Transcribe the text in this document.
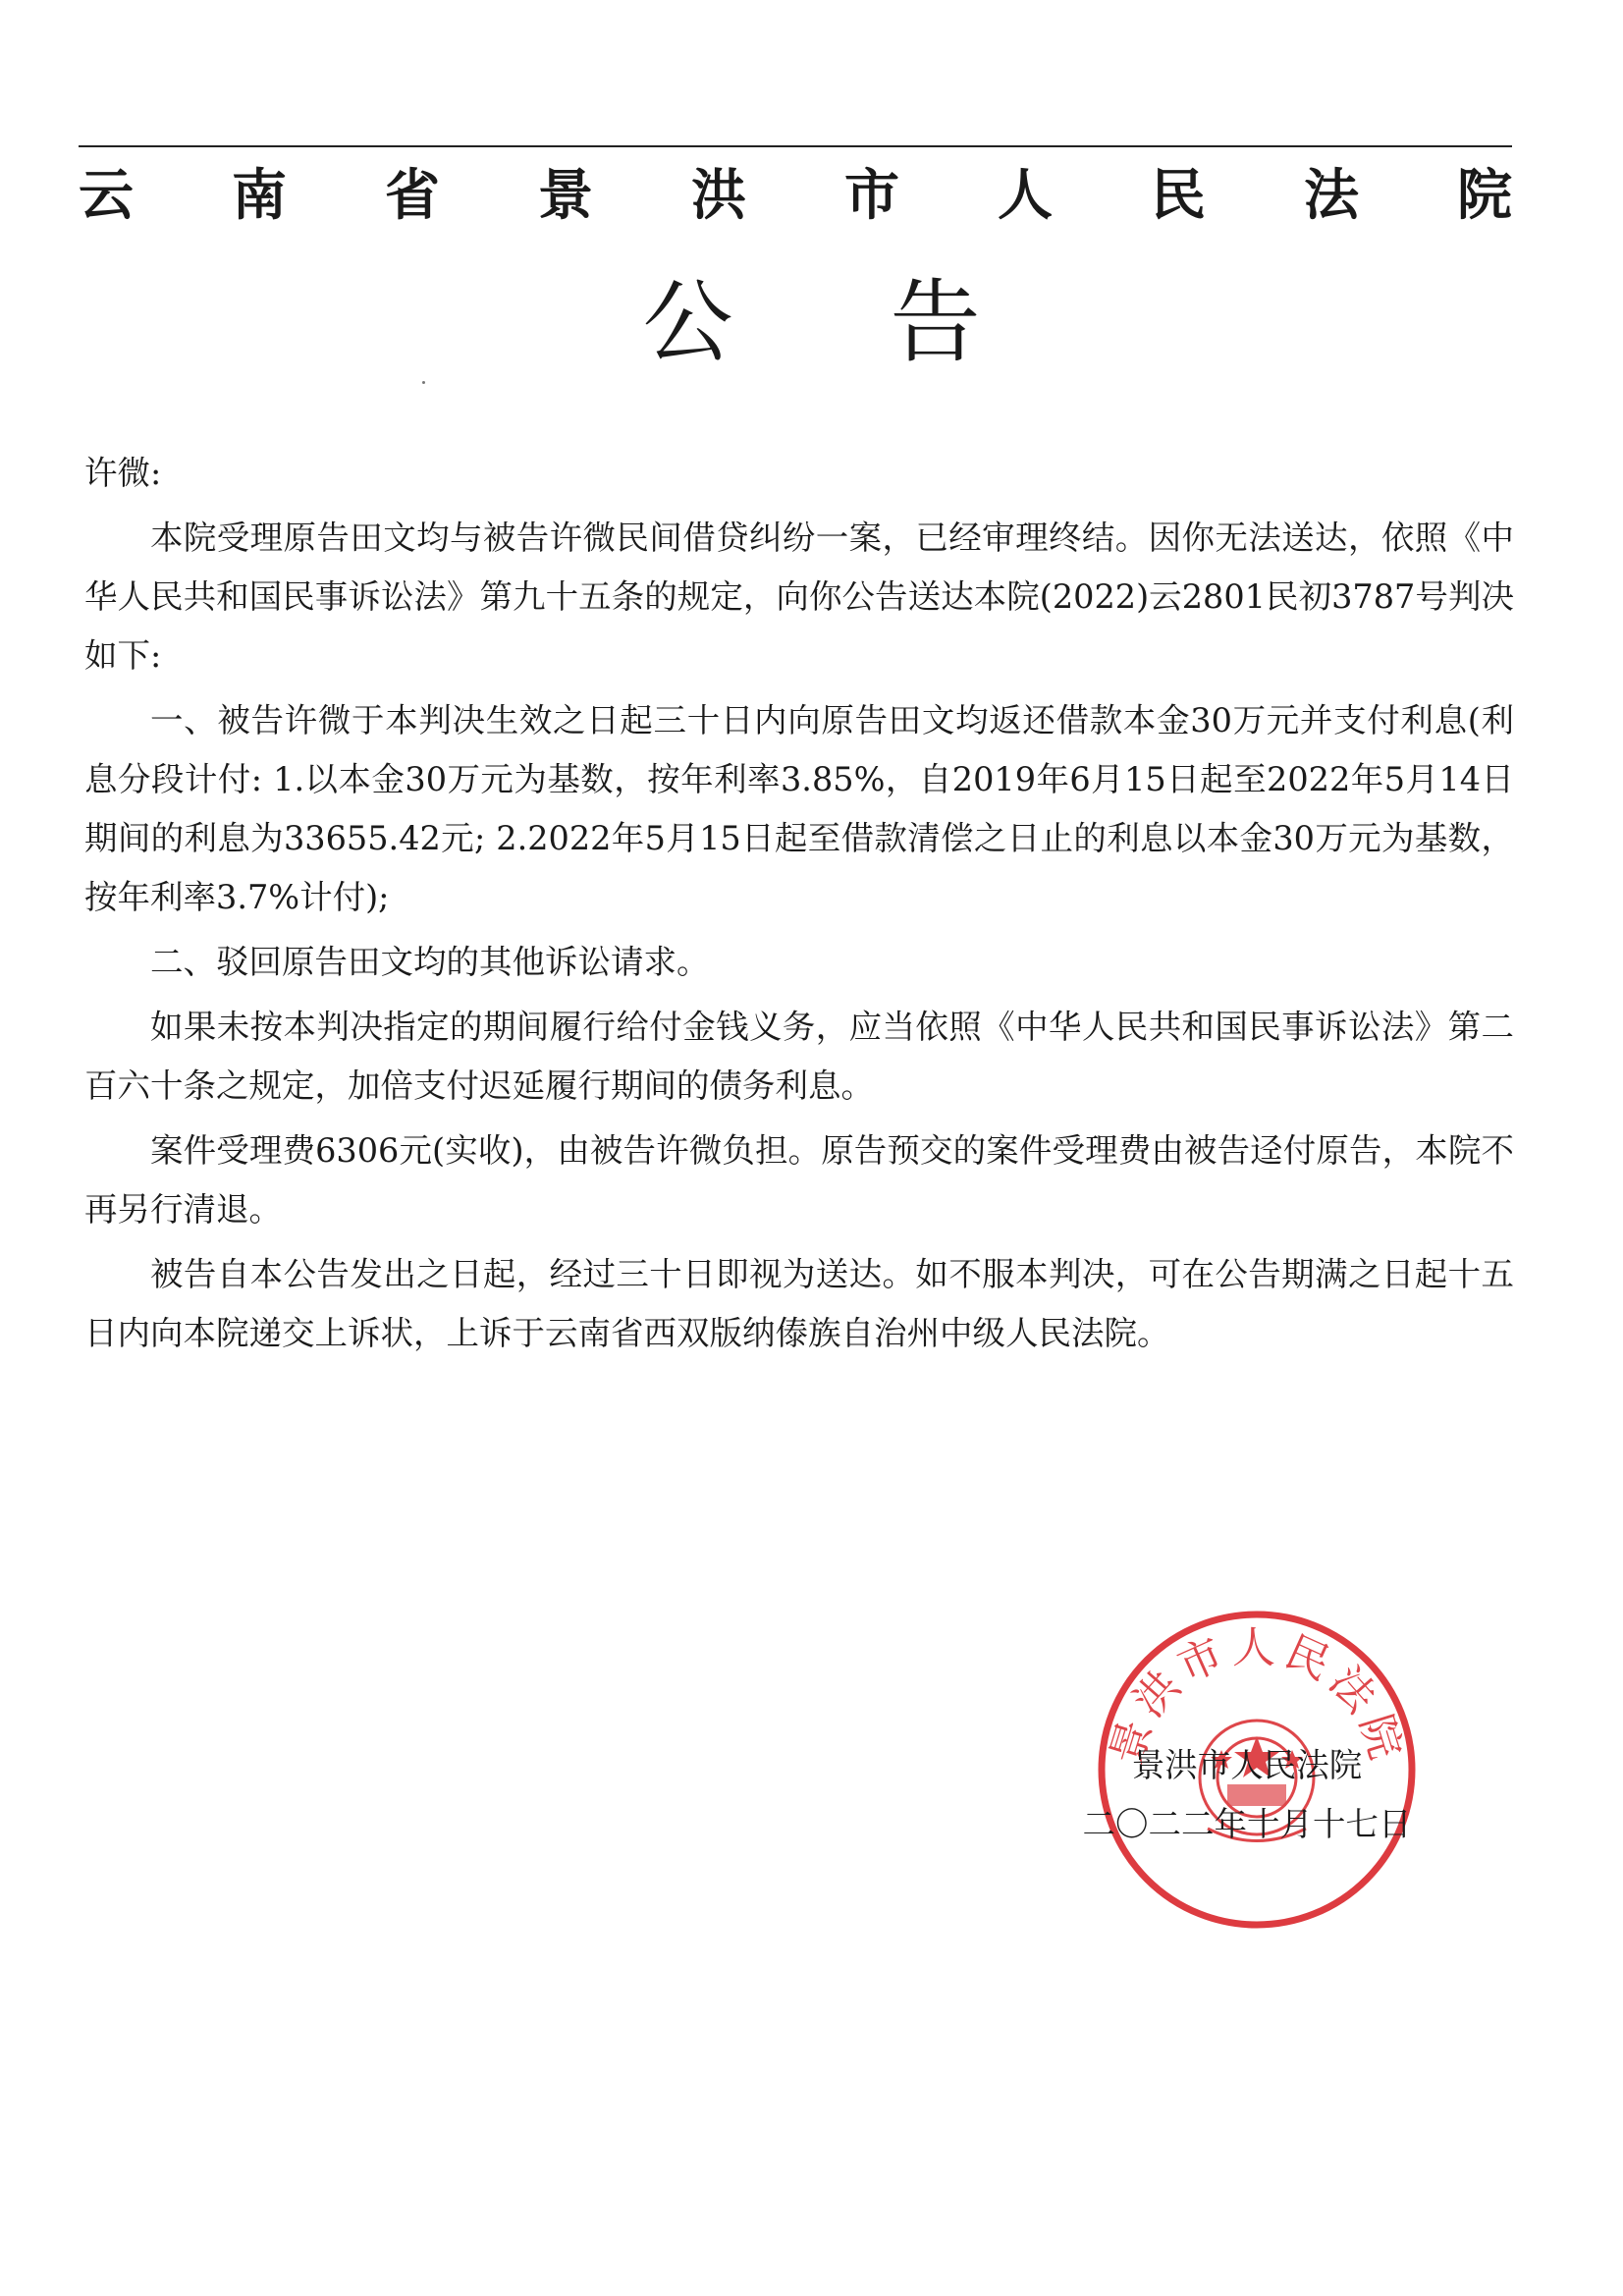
云 南 省 景 洪 市 人 民 法 院
公告

许微:

本院受理原告田文均与被告许微民间借贷纠纷一案，已经审理终结。因你无法送达，依照《中华人民共和国民事诉讼法》第九十五条的规定，向你公告送达本院(2022)云2801民初3787号判决如下:

一、被告许微于本判决生效之日起三十日内向原告田文均返还借款本金30万元并支付利息(利息分段计付: 1.以本金30万元为基数，按年利率3.85%，自2019年6月15日起至2022年5月14日期间的利息为33655.42元; 2.2022年5月15日起至借款清偿之日止的利息以本金30万元为基数，按年利率3.7%计付);

二、驳回原告田文均的其他诉讼请求。

如果未按本判决指定的期间履行给付金钱义务，应当依照《中华人民共和国民事诉讼法》第二百六十条之规定，加倍支付迟延履行期间的债务利息。

案件受理费6306元(实收)，由被告许微负担。原告预交的案件受理费由被告迳付原告，本院不再另行清退。

被告自本公告发出之日起，经过三十日即视为送达。如不服本判决，可在公告期满之日起十五日内向本院递交上诉状，上诉于云南省西双版纳傣族自治州中级人民法院。

景洪市人民法院
景洪市人民法院
二〇二二年十月十七日
